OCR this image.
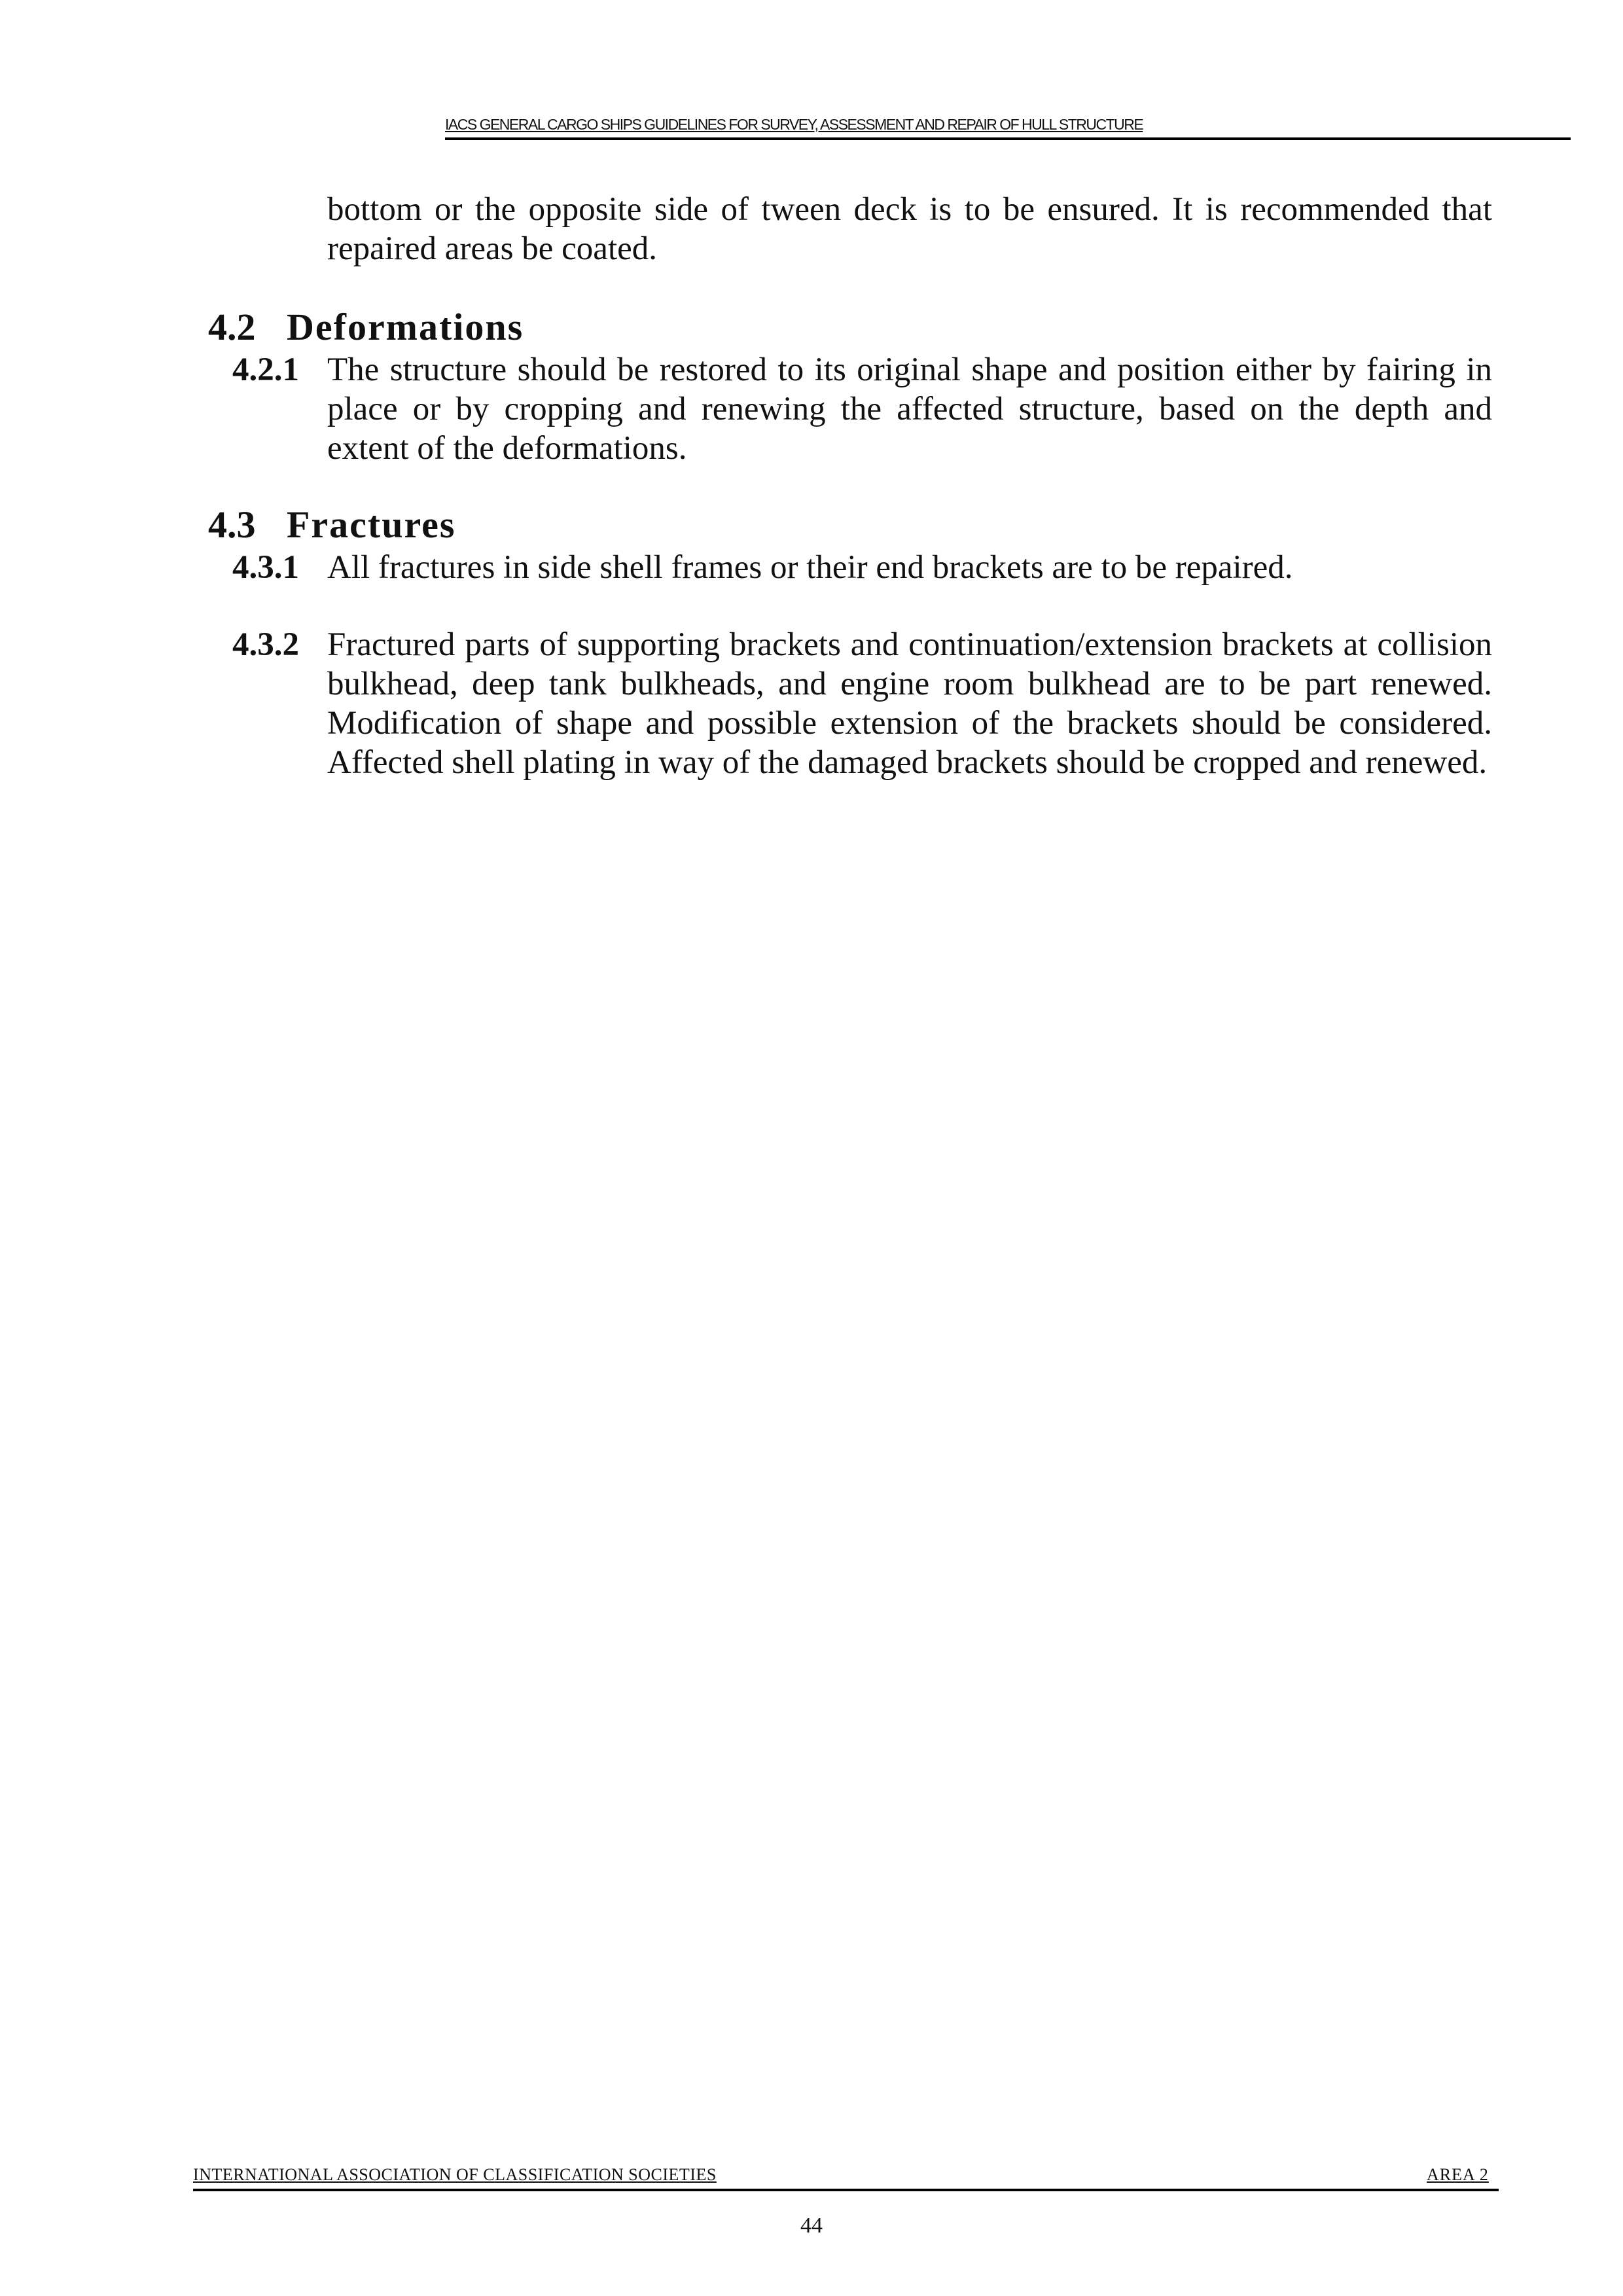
IACS GENERAL CARGO SHIPS GUIDELINES FOR SURVEY, ASSESSMENT AND REPAIR OF HULL STRUCTURE
bottom or the opposite side of tween deck is to be ensured. It is recommended that repaired areas be coated.
4.2 Deformations
4.2.1 The structure should be restored to its original shape and position either by fairing in place or by cropping and renewing the affected structure, based on the depth and extent of the deformations.
4.3 Fractures
4.3.1 All fractures in side shell frames or their end brackets are to be repaired.
4.3.2 Fractured parts of supporting brackets and continuation/extension brackets at collision bulkhead, deep tank bulkheads, and engine room bulkhead are to be part renewed. Modification of shape and possible extension of the brackets should be considered. Affected shell plating in way of the damaged brackets should be cropped and renewed.
INTERNATIONAL ASSOCIATION OF CLASSIFICATION SOCIETIES	AREA 2
44
